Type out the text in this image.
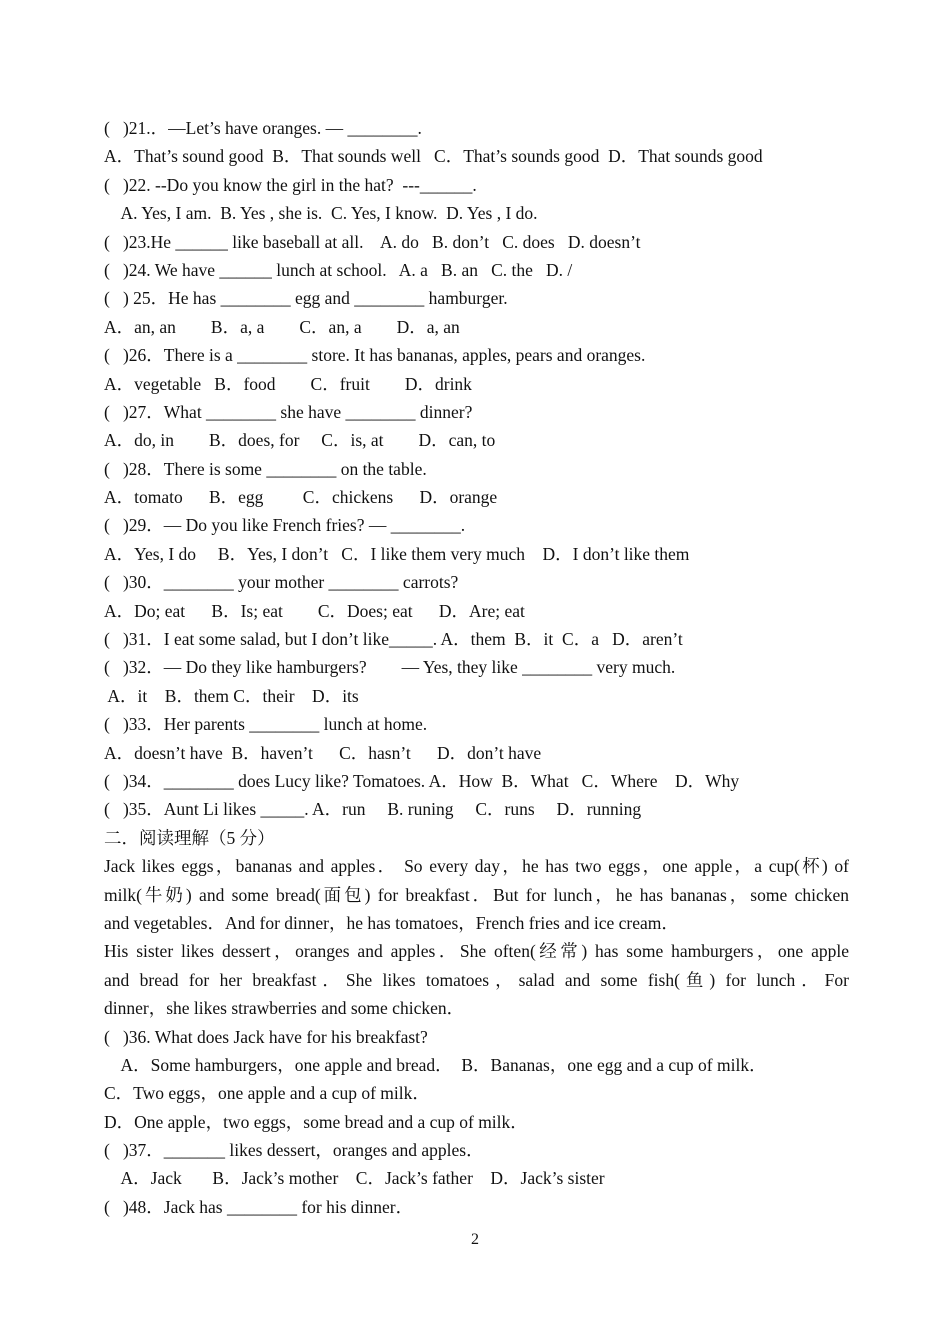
(   )21.．—Let’s have oranges. — ________.
A．That’s sound good  B．That sounds well   C．That’s sounds good  D．That sounds good
(   )22. --Do you know the girl in the hat?  ---______.
A. Yes, I am.  B. Yes , she is.  C. Yes, I know.  D. Yes , I do.
(   )23.He ______ like baseball at all.    A. do   B. don’t   C. does   D. doesn’t
(   )24. We have ______ lunch at school.   A. a   B. an   C. the   D. /
(   ) 25．He has ________ egg and ________ hamburger.
A．an, an        B．a, a        C．an, a        D．a, an
(   )26．There is a ________ store. It has bananas, apples, pears and oranges.
A．vegetable   B．food        C．fruit        D．drink
(   )27．What ________ she have ________ dinner?
A．do, in        B．does, for     C．is, at        D．can, to
(   )28．There is some ________ on the table.
A．tomato      B．egg         C．chickens      D．orange
(   )29．— Do you like French fries? — ________.
A．Yes, I do     B．Yes, I don’t   C．I like them very much    D．I don’t like them
(   )30．________ your mother ________ carrots?
A．Do; eat      B．Is; eat        C．Does; eat      D．Are; eat
(   )31．I eat some salad, but I don’t like_____. A．them  B．it  C．a   D．aren’t
(   )32．— Do they like hamburgers?        — Yes, they like ________ very much.
A．it    B．them C．their    D．its
(   )33．Her parents ________ lunch at home.
A．doesn’t have  B．haven’t      C．hasn’t      D．don’t have
(   )34．________ does Lucy like? Tomatoes. A．How  B．What   C．Where    D．Why
(   )35．Aunt Li likes _____. A．run     B. runing     C．runs     D．running
二．阅读理解（5 分）
Jack likes eggs，bananas and apples． So every day，he has two eggs，one apple，a cup(杯) of
milk(牛奶) and some bread(面包) for breakfast．But for lunch，he has bananas，some chicken
and vegetables．And for dinner，he has tomatoes，French fries and ice cream．
His sister likes dessert，oranges and apples．She often(经常) has some hamburgers，one apple
and bread for her breakfast．She likes tomatoes，salad and some fish(鱼) for lunch．For
dinner，she likes strawberries and some chicken．
(   )36. What does Jack have for his breakfast?
A．Some hamburgers，one apple and bread．  B．Bananas，one egg and a cup of milk．
C．Two eggs，one apple and a cup of milk．
D．One apple，two eggs，some bread and a cup of milk．
(   )37．_______ likes dessert，oranges and apples．
A．Jack       B．Jack’s mother    C．Jack’s father    D．Jack’s sister
(   )48．Jack has ________ for his dinner．
2
